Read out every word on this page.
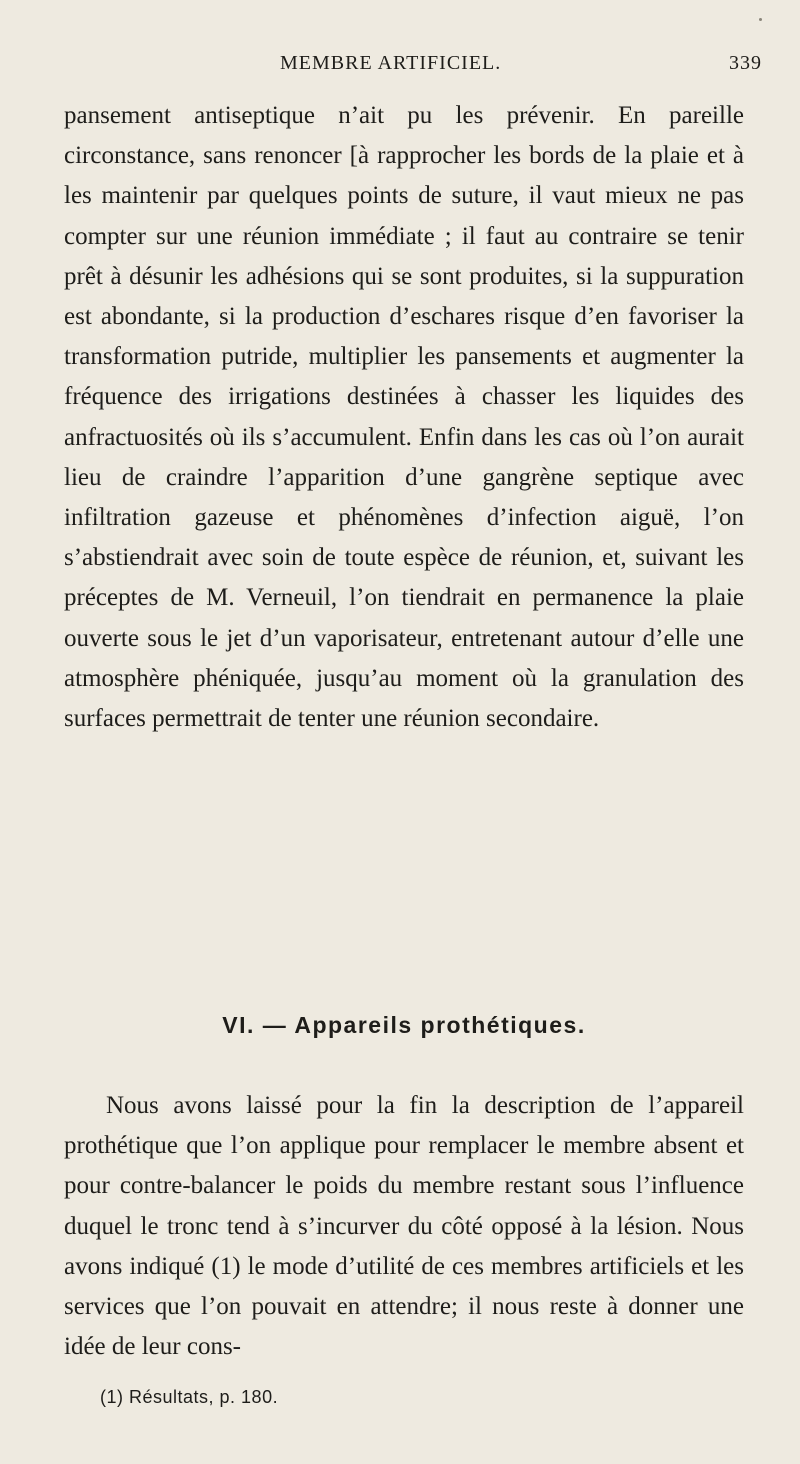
MEMBRE ARTIFICIEL.	339

pansement antiseptique n’ait pu les prévenir. En pareille circonstance, sans renoncer [à rapprocher les bords de la plaie et à les maintenir par quelques points de suture, il vaut mieux ne pas compter sur une réunion immédiate ; il faut au contraire se tenir prêt à désunir les adhésions qui se sont produites, si la suppuration est abondante, si la production d’eschares risque d’en favoriser la transformation putride, multiplier les pansements et augmenter la fréquence des irrigations destinées à chasser les liquides des anfractuosités où ils s’accumulent. Enfin dans les cas où l’on aurait lieu de craindre l’apparition d’une gangrène septique avec infiltration gazeuse et phénomènes d’infection aiguë, l’on s’abstiendrait avec soin de toute espèce de réunion, et, suivant les préceptes de M. Verneuil, l’on tiendrait en permanence la plaie ouverte sous le jet d’un vaporisateur, entretenant autour d’elle une atmosphère phéniquée, jusqu’au moment où la granulation des surfaces permettrait de tenter une réunion secondaire.

VI. — Appareils prothétiques.

Nous avons laissé pour la fin la description de l’appareil prothétique que l’on applique pour remplacer le membre absent et pour contre-balancer le poids du membre restant sous l’influence duquel le tronc tend à s’incurver du côté opposé à la lésion. Nous avons indiqué (1) le mode d’utilité de ces membres artificiels et les services que l’on pouvait en attendre; il nous reste à donner une idée de leur cons-

(1) Résultats, p. 180.
